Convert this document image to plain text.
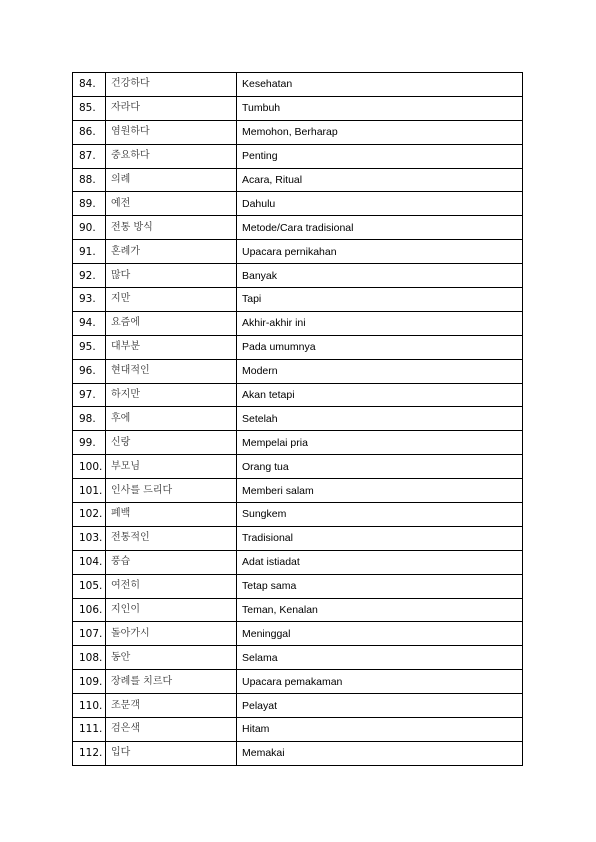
84.	건강하다	Kesehatan
85.	자라다	Tumbuh
86.	염원하다	Memohon, Berharap
87.	중요하다	Penting
88.	의례	Acara, Ritual
89.	예전	Dahulu
90.	전통 방식	Metode/Cara tradisional
91.	혼례가	Upacara pernikahan
92.	많다	Banyak
93.	지만	Tapi
94.	요즘에	Akhir-akhir ini
95.	대부분	Pada umumnya
96.	현대적인	Modern
97.	하지만	Akan tetapi
98.	후에	Setelah
99.	신랑	Mempelai pria
100.	부모님	Orang tua
101.	인사를 드리다	Memberi salam
102.	폐백	Sungkem
103.	전통적인	Tradisional
104.	풍습	Adat istiadat
105.	여전히	Tetap sama
106.	지인이	Teman, Kenalan
107.	돌아가시	Meninggal
108.	동안	Selama
109.	장례를 치르다	Upacara pemakaman
110.	조문객	Pelayat
111.	검은색	Hitam
112.	입다	Memakai
